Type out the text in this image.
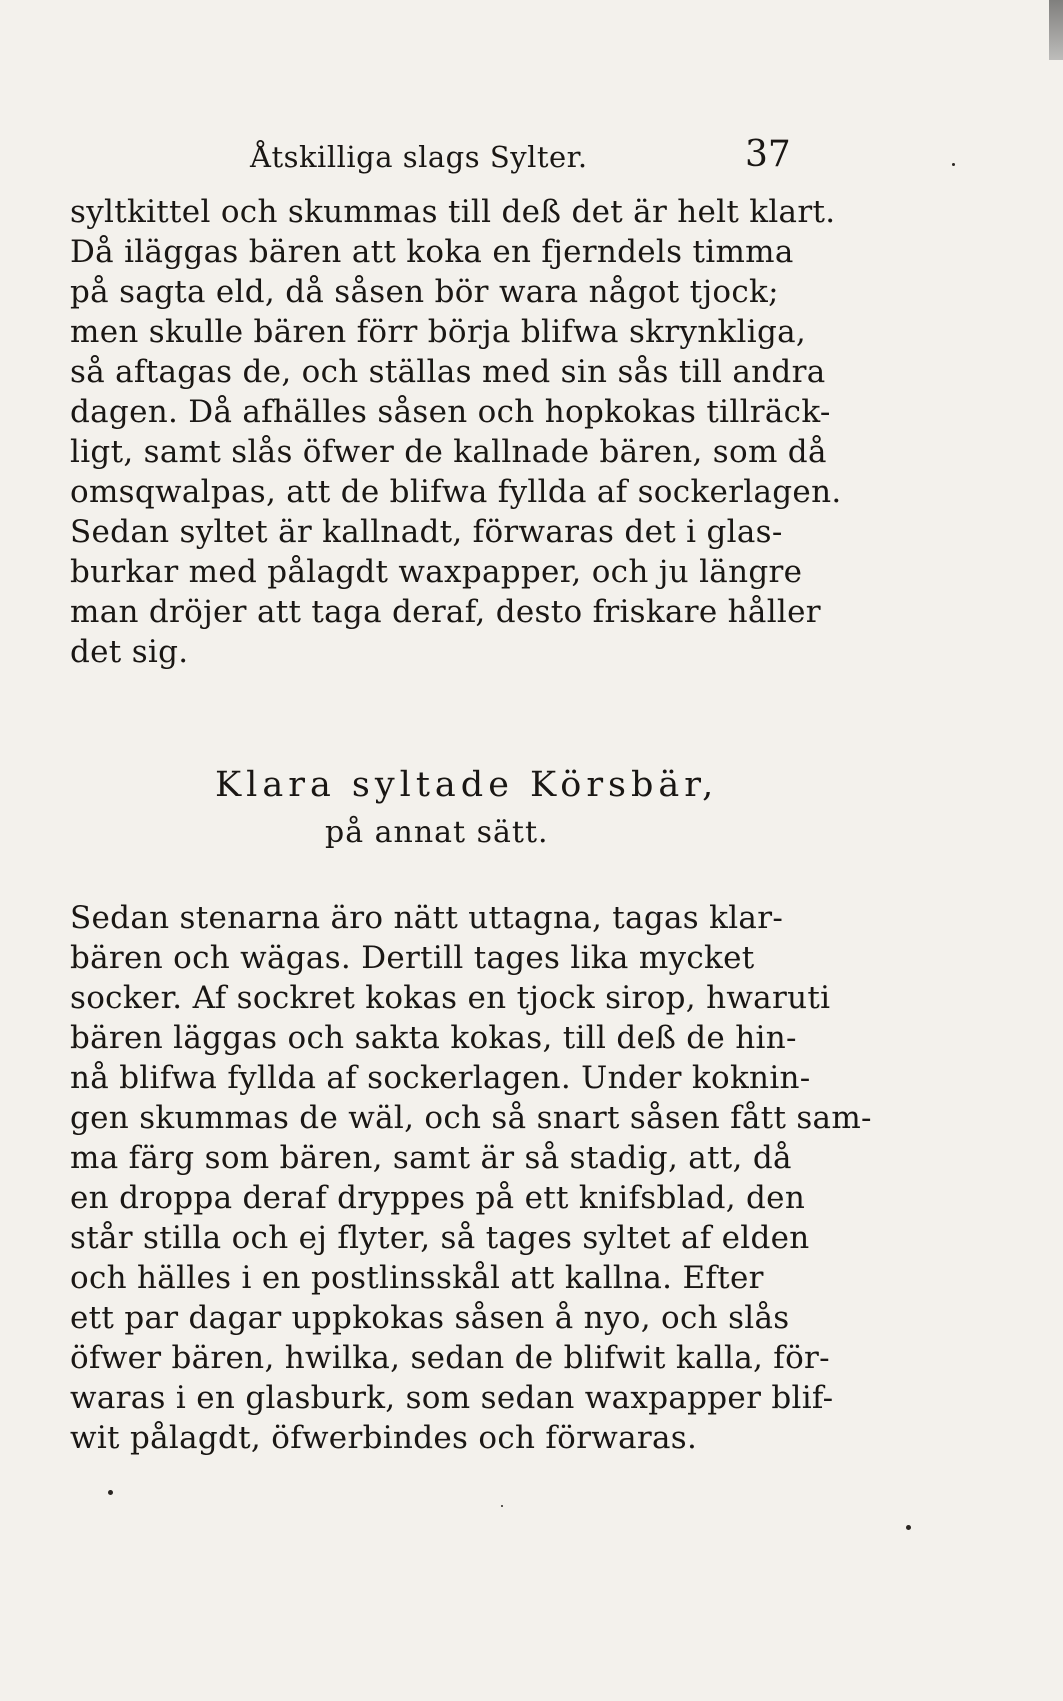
Åtskilliga slags Sylter.	37
syltkittel och skummas till deß det är helt klart.
Då iläggas bären att koka en fjerndels timma
på sagta eld, då såsen bör wara något tjock;
men skulle bären förr börja blifwa skrynkliga,
så aftagas de, och ställas med sin sås till andra
dagen. Då afhälles såsen och hopkokas tillräck-
ligt, samt slås öfwer de kallnade bären, som då
omsqwalpas, att de blifwa fyllda af sockerlagen.
Sedan syltet är kallnadt, förwaras det i glas-
burkar med pålagdt waxpapper, och ju längre
man dröjer att taga deraf, desto friskare håller
det sig.
Klara syltade Körsbär,
på annat sätt.
Sedan stenarna äro nätt uttagna, tagas klar-
bären och wägas. Dertill tages lika mycket
socker. Af sockret kokas en tjock sirop, hwaruti
bären läggas och sakta kokas, till deß de hin-
nå blifwa fyllda af sockerlagen. Under koknin-
gen skummas de wäl, och så snart såsen fått sam-
ma färg som bären, samt är så stadig, att, då
en droppa deraf dryppes på ett knifsblad, den
står stilla och ej flyter, så tages syltet af elden
och hälles i en postlinsskål att kallna. Efter
ett par dagar uppkokas såsen å nyo, och slås
öfwer bären, hwilka, sedan de blifwit kalla, för-
waras i en glasburk, som sedan waxpapper blif-
wit pålagdt, öfwerbindes och förwaras.
